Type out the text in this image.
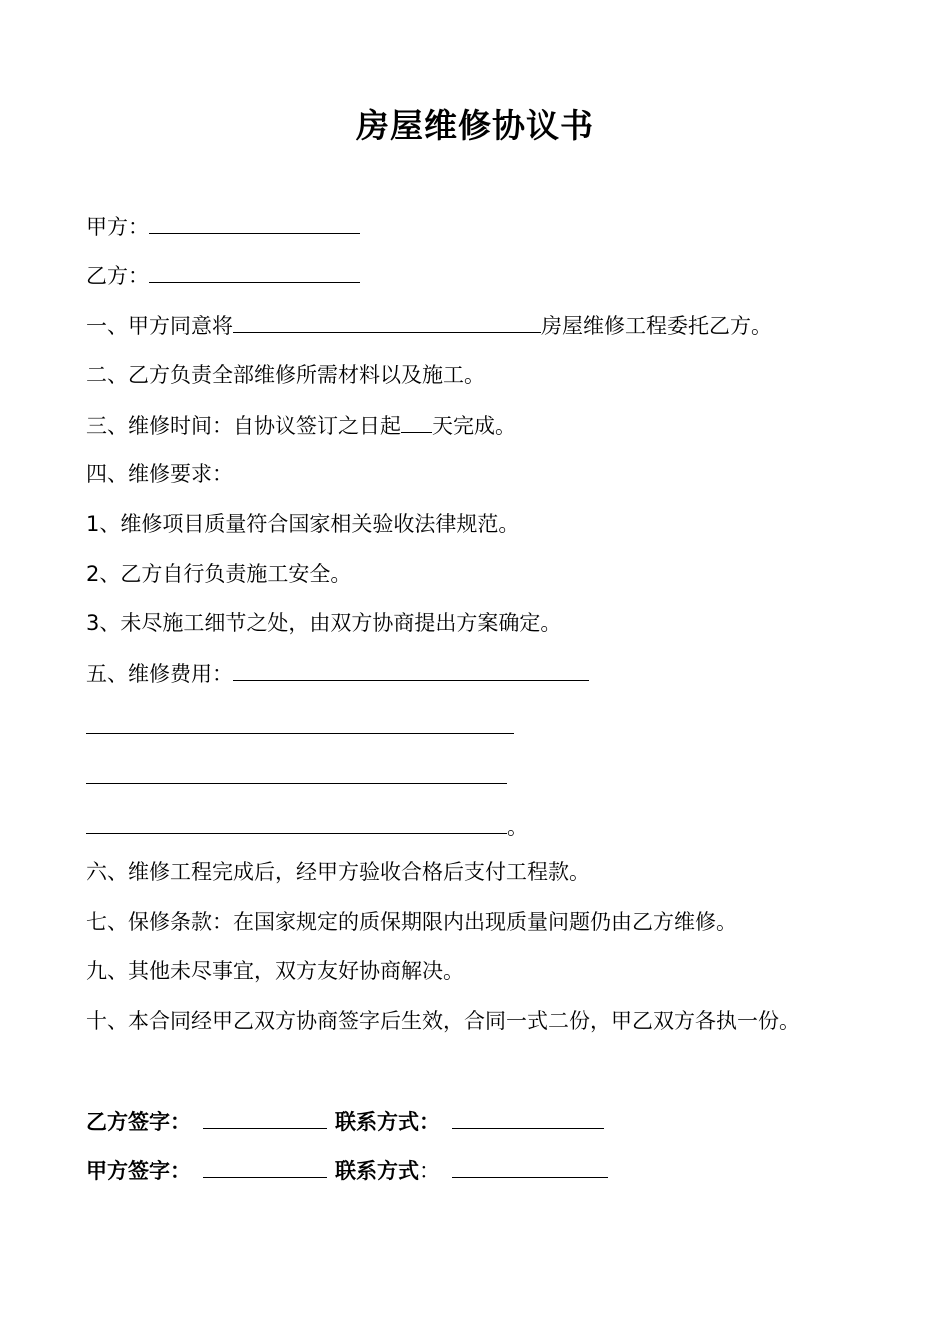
房屋维修协议书
甲方：
乙方：
一、甲方同意将	房屋维修工程委托乙方。
二、乙方负责全部维修所需材料以及施工。
三、维修时间：自协议签订之日起 天完成。
四、维修要求：
1、维修项目质量符合国家相关验收法律规范。
2、乙方自行负责施工安全。
3、未尽施工细节之处，由双方协商提出方案确定。
五、维修费用：
。
六、维修工程完成后，经甲方验收合格后支付工程款。
七、保修条款：在国家规定的质保期限内出现质量问题仍由乙方维修。
九、其他未尽事宜，双方友好协商解决。
十、本合同经甲乙双方协商签字后生效，合同一式二份，甲乙双方各执一份。
乙方签字：	联系方式：
甲方签字：	联系方式：
